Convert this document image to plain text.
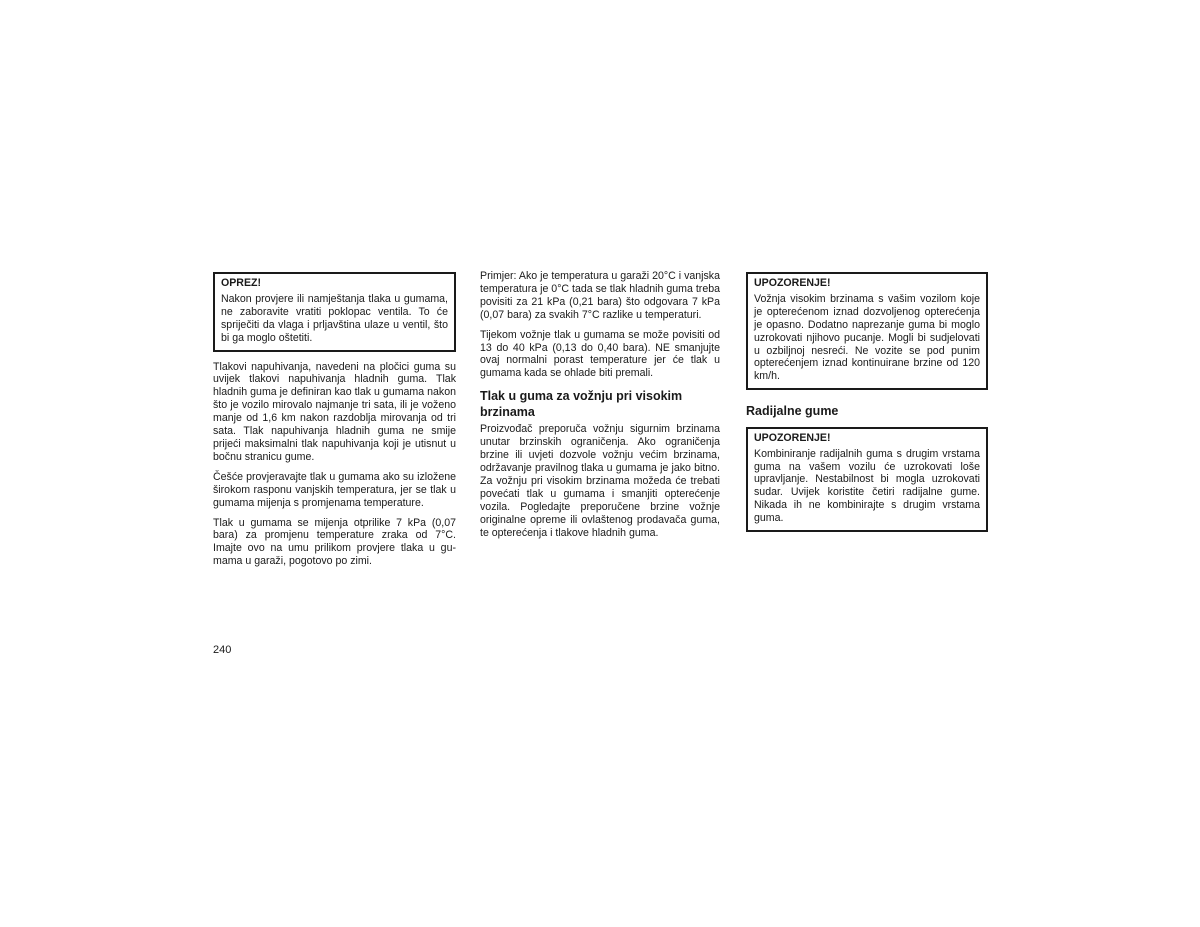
OPREZ!

Nakon provjere ili namještanja tlaka u gumama, ne zaboravite vratiti poklopac ventila. To će spriječiti da vlaga i prljavština ulaze u ventil, što bi ga moglo oštetiti.

Tlakovi napuhivanja, navedeni na pločici guma su uvijek tlakovi napuhivanja hladnih guma. Tlak hladnih guma je definiran kao tlak u gumama nakon što je vozilo mirovalo najmanje tri sata, ili je voženo manje od 1,6 km nakon razdoblja mirovanja od tri sata. Tlak napuhivanja hladnih guma ne smije prijeći maksimalni tlak napuhivanja koji je utisnut u bočnu stranicu gume.

Češće provjeravajte tlak u gumama ako su izložene širokom rasponu vanjskih temperatura, jer se tlak u gumama mijenja s promjenama temperature.

Tlak u gumama se mijenja otprilike 7 kPa (0,07 bara) za promjenu temperature zraka od 7°C. Imajte ovo na umu prilikom provjere tlaka u gumama u garaži, pogotovo po zimi.

Primjer: Ako je temperatura u garaži 20°C i vanjska temperatura je 0°C tada se tlak hladnih guma treba povisiti za 21 kPa (0,21 bara) što odgovara 7 kPa (0,07 bara) za svakih 7°C razlike u temperaturi.

Tijekom vožnje tlak u gumama se može povisiti od 13 do 40 kPa (0,13 do 0,40 bara). NE smanjujte ovaj normalni porast temperature jer će tlak u gumama kada se ohlade biti premali.

Tlak u guma za vožnju pri visokim brzinama

Proizvođač preporuča vožnju sigurnim brzinama unutar brzinskih ograničenja. Ako ograničenja brzine ili uvjeti dozvole vožnju većim brzinama, održavanje pravilnog tlaka u gumama je jako bitno. Za vožnju pri visokim brzinama možeda će trebati povećati tlak u gumama i smanjiti opterećenje vozila. Pogledajte preporučene brzine vožnje originalne opreme ili ovlaštenog prodavača guma, te opterećenja i tlakove hladnih guma.

UPOZORENJE!

Vožnja visokim brzinama s vašim vozilom koje je opterećenom iznad dozvoljenog opterećenja je opasno. Dodatno naprezanje guma bi moglo uzrokovati njihovo pucanje. Mogli bi sudjelovati u ozbiljnoj nesreći. Ne vozite se pod punim opterećenjem iznad kontinuirane brzine od 120 km/h.

Radijalne gume
UPOZORENJE!

Kombiniranje radijalnih guma s drugim vrstama guma na vašem vozilu će uzrokovati loše upravljanje. Nestabilnost bi mogla uzrokovati sudar. Uvijek koristite četiri radijalne gume. Nikada ih ne kombinirajte s drugim vrstama guma.

240
